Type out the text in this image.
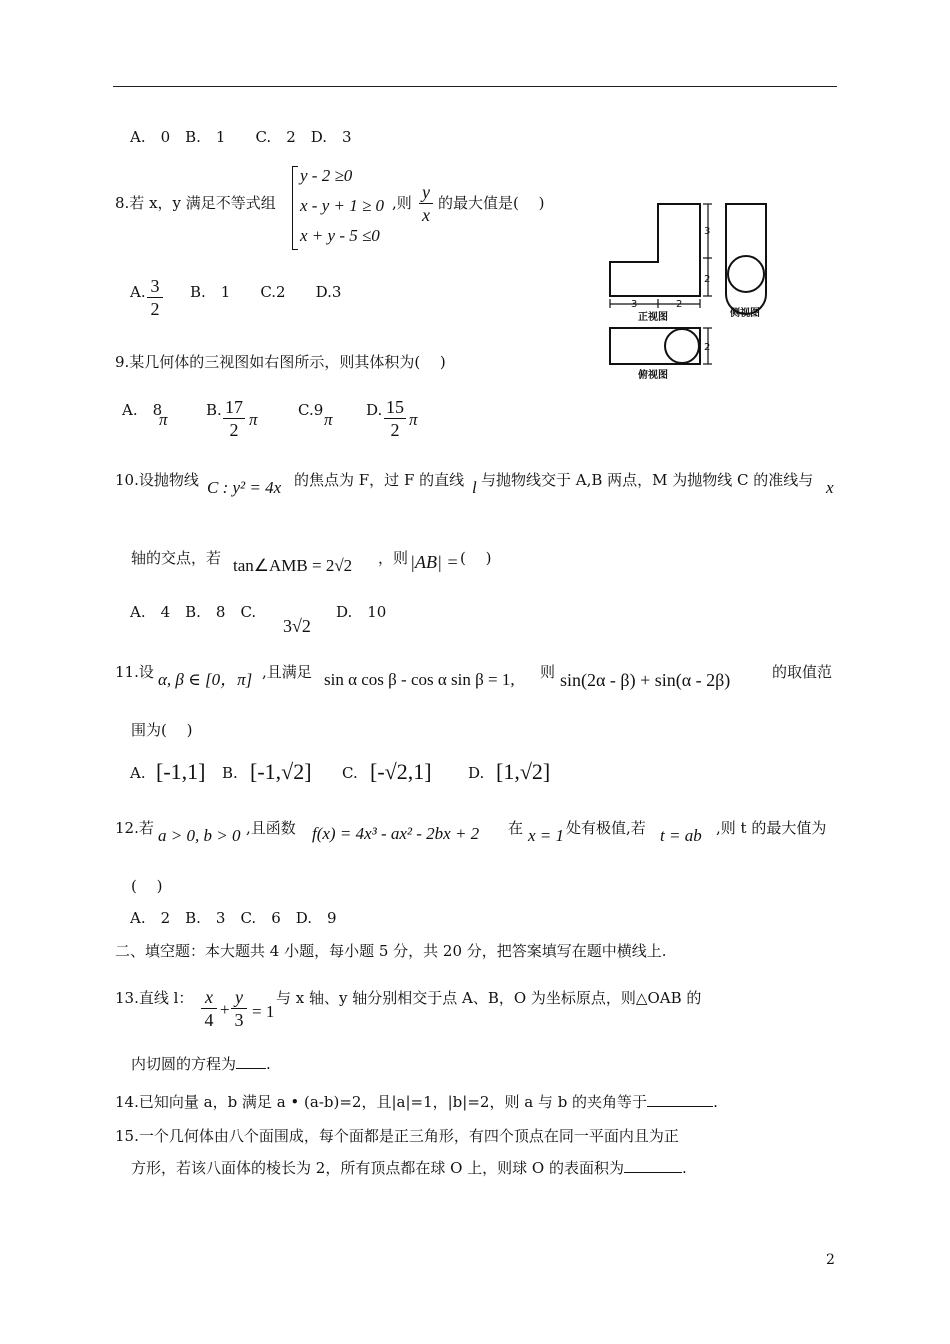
A.　0　B.　1　　C.　2　D.　3
8.若 x，y 满足不等式组
y - 2 ≥0
x - y + 1 ≥ 0
x + y - 5 ≤0
,则
y
x
的最大值是(　 )
A. 3
2
B.　1　　C.2　　D.3
3
2
3	2
正视图	侧视图
2
俯视图
9.某几何体的三视图如右图所示，则其体积为(　 )
A.　8
π	B. 17
2
π	C.9 π D. 15
2
π
10.设抛物线 C : y² = 4x 的焦点为 F，过 F 的直线 l 与抛物线交于 A,B 两点，M 为抛物线 C 的准线与 x
轴的交点，若 tan∠AMB = 2√2 ，则 |AB| = (　 )
A.　4　B.　8　C.
3√2
D.　10
11.设 α, β ∈ [0，π] ,且满足 sin α cos β - cos α sin β = 1, 则 sin(2α - β) + sin(α - 2β)	的取值范
围为(　 )
A. [-1,1] B. [-1,√2] C. [-√2,1] D. [1,√2]
12.若 a > 0, b > 0 ,且函数 f(x) = 4x³ - ax² - 2bx + 2 在 x = 1 处有极值,若 t = ab ,则 t 的最大值为
(　 )
A.　2　B.　3　C.　6　D.　9
二、填空题：本大题共 4 小题，每小题 5 分，共 20 分，把答案填写在题中横线上.
13.直线 l： x
4
+
y
3 = 1
与 x 轴、y 轴分别相交于点 A、B，O 为坐标原点，则△OAB 的
内切圆的方程为 .
14.已知向量 a，b 满足 a • (a-b)=2，且|a|=1，|b|=2，则 a 与 b 的夹角等于	.
15.一个几何体由八个面围成，每个面都是正三角形，有四个顶点在同一平面内且为正
方形，若该八面体的棱长为 2，所有顶点都在球 O 上，则球 O 的表面积为	.
2
